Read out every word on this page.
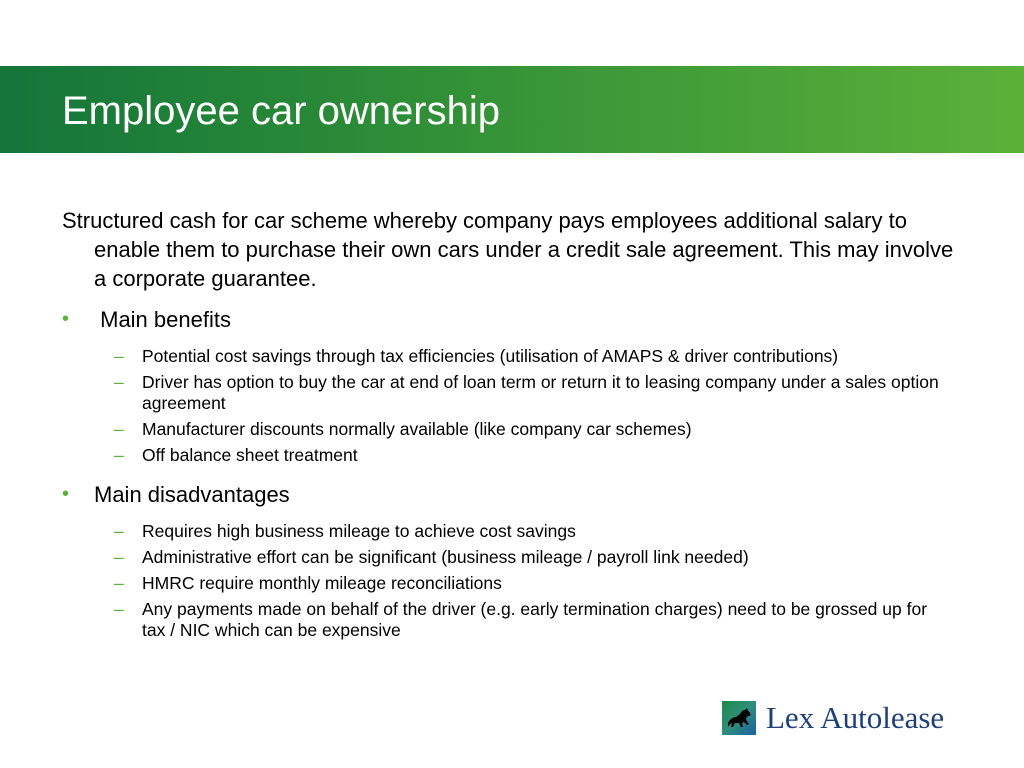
Employee car ownership

Structured cash for car scheme whereby company pays employees additional salary to enable them to purchase their own cars under a credit sale agreement. This may involve a corporate guarantee.

• Main benefits
– Potential cost savings through tax efficiencies (utilisation of AMAPS & driver contributions)
– Driver has option to buy the car at end of loan term or return it to leasing company under a sales option agreement
– Manufacturer discounts normally available (like company car schemes)
– Off balance sheet treatment
• Main disadvantages
– Requires high business mileage to achieve cost savings
– Administrative effort can be significant (business mileage / payroll link needed)
– HMRC require monthly mileage reconciliations
– Any payments made on behalf of the driver (e.g. early termination charges) need to be grossed up for tax / NIC which can be expensive
Lex Autolease
